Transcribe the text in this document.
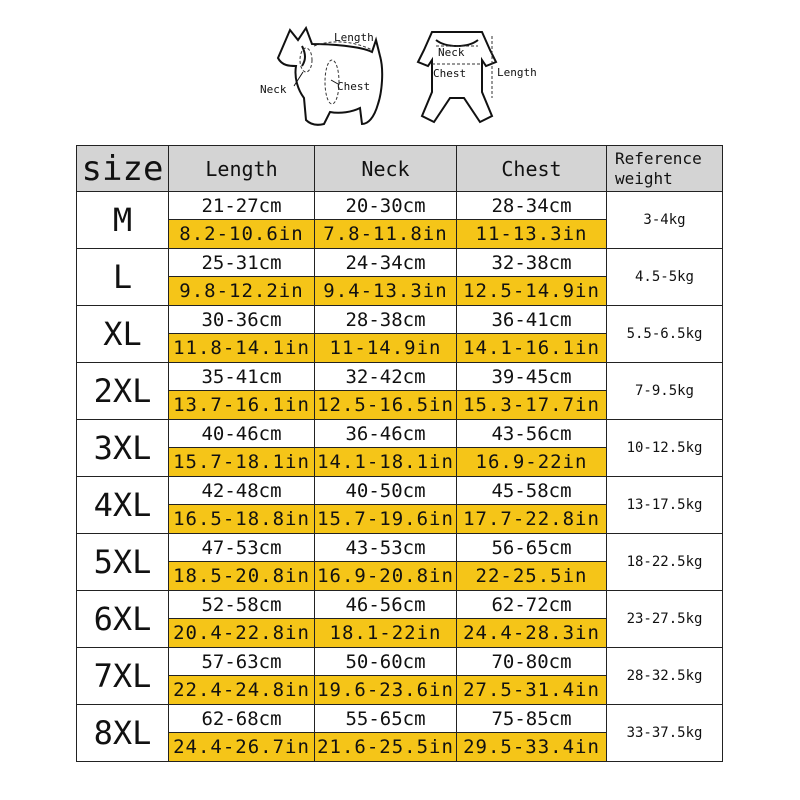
Length
Chest
Neck
Neck
Chest	Length
size	Length	Neck	Chest	Reference weight
M	21-27cm	20-30cm	28-34cm	3-4kg
	8.2-10.6in	7.8-11.8in	11-13.3in	
L	25-31cm	24-34cm	32-38cm	4.5-5kg
	9.8-12.2in	9.4-13.3in	12.5-14.9in	
XL	30-36cm	28-38cm	36-41cm	5.5-6.5kg
	11.8-14.1in	11-14.9in	14.1-16.1in	
2XL	35-41cm	32-42cm	39-45cm	7-9.5kg
	13.7-16.1in	12.5-16.5in	15.3-17.7in	
3XL	40-46cm	36-46cm	43-56cm	10-12.5kg
	15.7-18.1in	14.1-18.1in	16.9-22in	
4XL	42-48cm	40-50cm	45-58cm	13-17.5kg
	16.5-18.8in	15.7-19.6in	17.7-22.8in	
5XL	47-53cm	43-53cm	56-65cm	18-22.5kg
	18.5-20.8in	16.9-20.8in	22-25.5in	
6XL	52-58cm	46-56cm	62-72cm	23-27.5kg
	20.4-22.8in	18.1-22in	24.4-28.3in	
7XL	57-63cm	50-60cm	70-80cm	28-32.5kg
	22.4-24.8in	19.6-23.6in	27.5-31.4in	
8XL	62-68cm	55-65cm	75-85cm	33-37.5kg
	24.4-26.7in	21.6-25.5in	29.5-33.4in	
